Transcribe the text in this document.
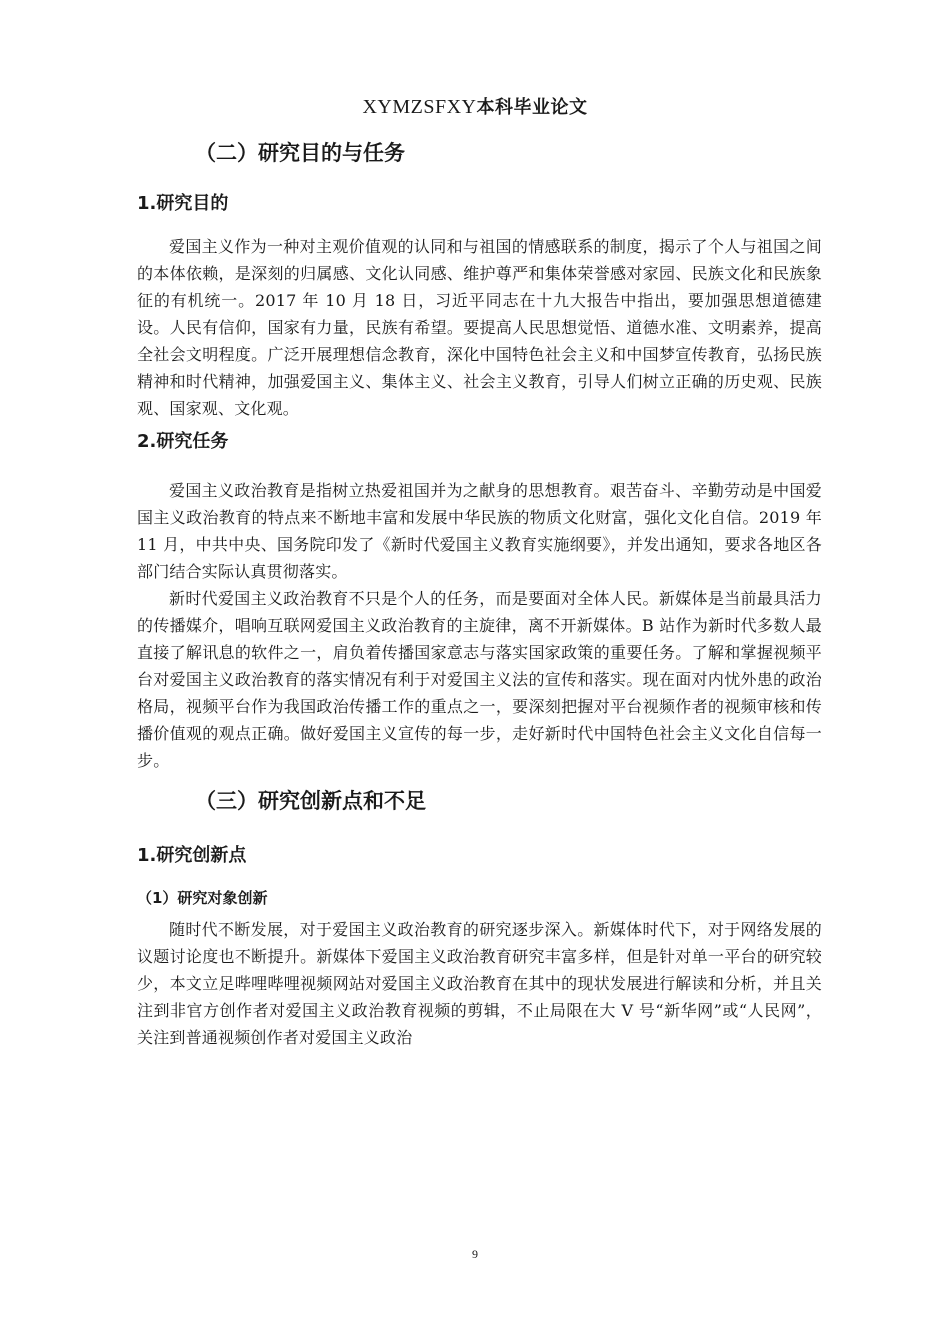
XYMZSFXY本科毕业论文
（二）研究目的与任务
1.研究目的

爱国主义作为一种对主观价值观的认同和与祖国的情感联系的制度，揭示了个人与祖国之间的本体依赖，是深刻的归属感、文化认同感、维护尊严和集体荣誉感对家园、民族文化和民族象征的有机统一。2017 年 10 月 18 日，习近平同志在十九大报告中指出，要加强思想道德建设。人民有信仰，国家有力量，民族有希望。要提高人民思想觉悟、道德水准、文明素养，提高全社会文明程度。广泛开展理想信念教育，深化中国特色社会主义和中国梦宣传教育，弘扬民族精神和时代精神，加强爱国主义、集体主义、社会主义教育，引导人们树立正确的历史观、民族观、国家观、文化观。

2.研究任务

爱国主义政治教育是指树立热爱祖国并为之献身的思想教育。艰苦奋斗、辛勤劳动是中国爱国主义政治教育的特点来不断地丰富和发展中华民族的物质文化财富，强化文化自信。2019 年 11 月，中共中央、国务院印发了《新时代爱国主义教育实施纲要》，并发出通知，要求各地区各部门结合实际认真贯彻落实。

新时代爱国主义政治教育不只是个人的任务，而是要面对全体人民。新媒体是当前最具活力的传播媒介，唱响互联网爱国主义政治教育的主旋律，离不开新媒体。B 站作为新时代多数人最直接了解讯息的软件之一，肩负着传播国家意志与落实国家政策的重要任务。了解和掌握视频平台对爱国主义政治教育的落实情况有利于对爱国主义法的宣传和落实。现在面对内忧外患的政治格局，视频平台作为我国政治传播工作的重点之一，要深刻把握对平台视频作者的视频审核和传播价值观的观点正确。做好爱国主义宣传的每一步，走好新时代中国特色社会主义文化自信每一步。

（三）研究创新点和不足
1.研究创新点
（1）研究对象创新

随时代不断发展，对于爱国主义政治教育的研究逐步深入。新媒体时代下，对于网络发展的议题讨论度也不断提升。新媒体下爱国主义政治教育研究丰富多样，但是针对单一平台的研究较少，本文立足哔哩哔哩视频网站对爱国主义政治教育在其中的现状发展进行解读和分析，并且关注到非官方创作者对爱国主义政治教育视频的剪辑，不止局限在大 V 号“新华网”或“人民网”，关注到普通视频创作者对爱国主义政治

9
